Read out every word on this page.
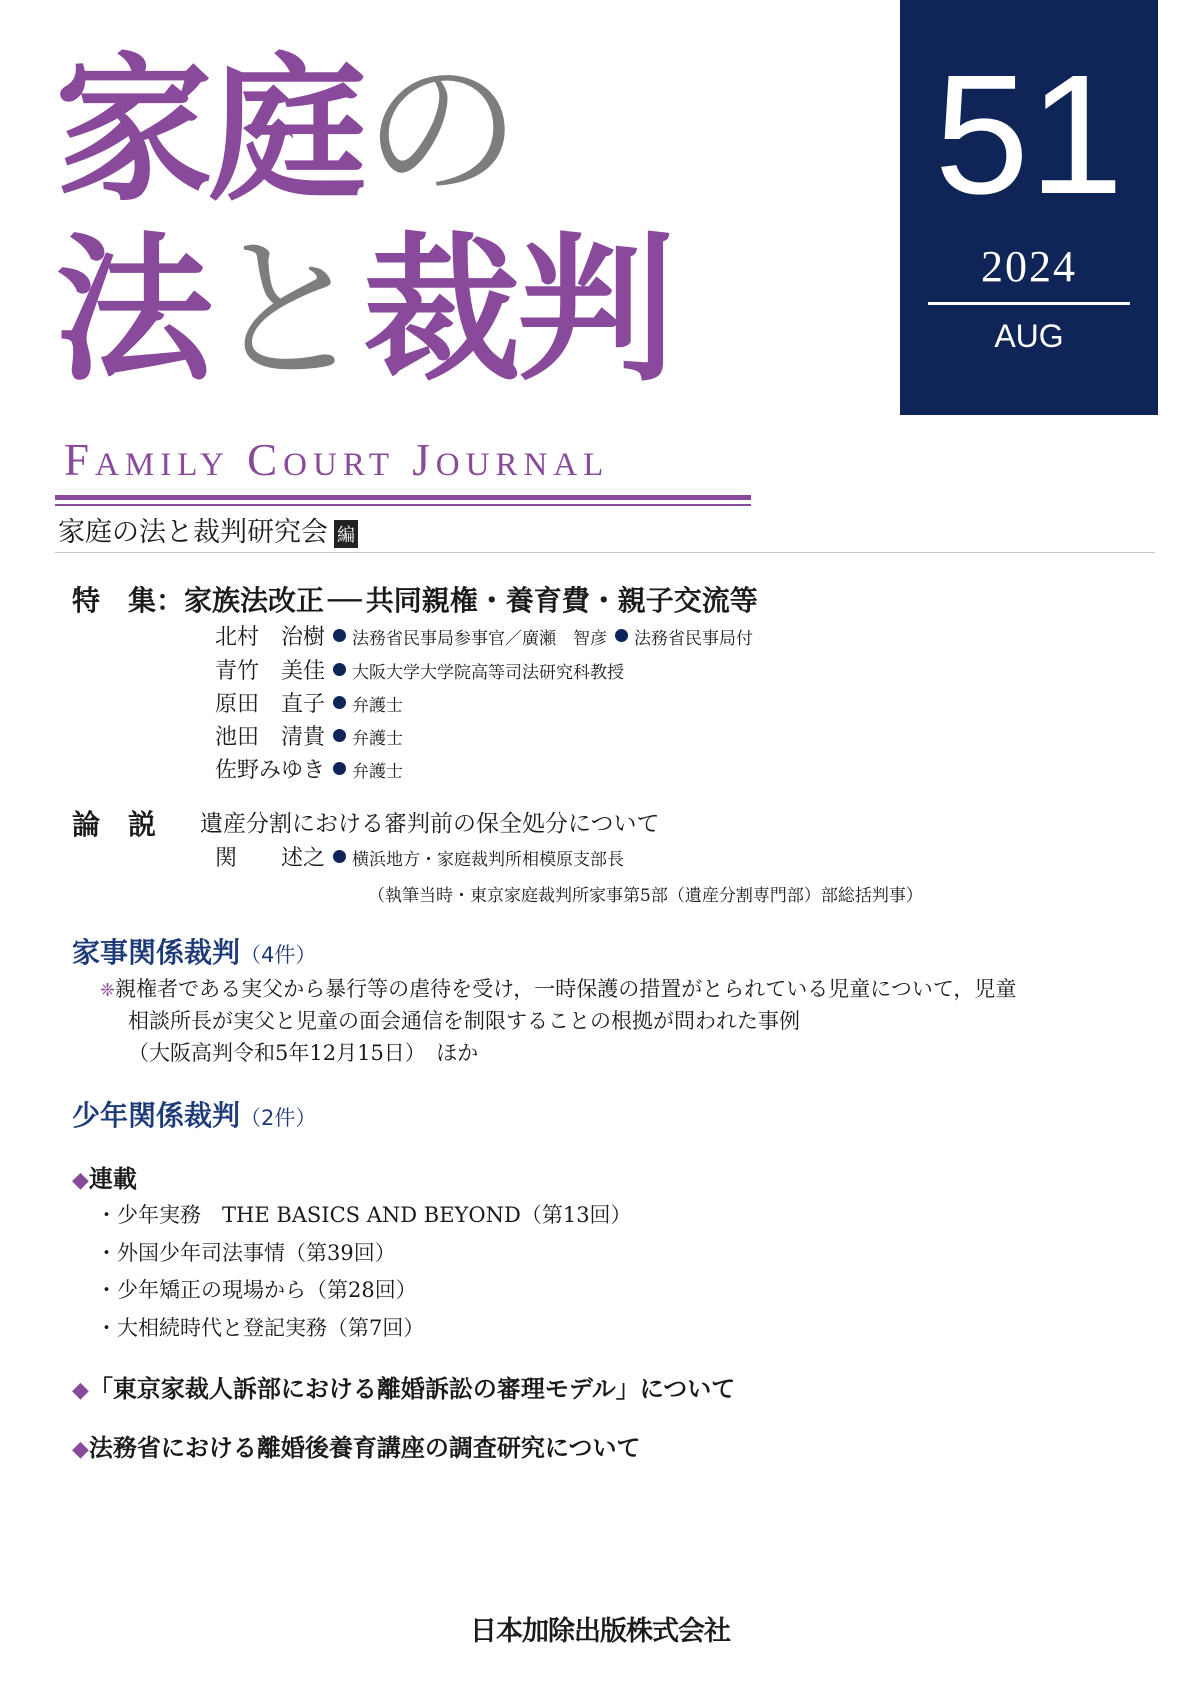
家庭の
法と裁判
FAMILY COURT JOURNAL
家庭の法と裁判研究会 編
51
2024
AUG
特　集：家族法改正 ── 共同親権・養育費・親子交流等
北村　治樹 法務省民事局参事官／廣瀬　智彦 法務省民事局付
青竹　美佳 大阪大学大学院高等司法研究科教授
原田　直子 弁護士
池田　清貴 弁護士
佐野みゆき 弁護士
論　説 遺産分割における審判前の保全処分について
関　　述之 横浜地方・家庭裁判所相模原支部長
（執筆当時・東京家庭裁判所家事第5部（遺産分割専門部）部総括判事）
家事関係裁判（4件）
❈親権者である実父から暴行等の虐待を受け，一時保護の措置がとられている児童について，児童
相談所長が実父と児童の面会通信を制限することの根拠が問われた事例
（大阪高判令和5年12月15日）　ほか
少年関係裁判（2件）
◆連載
・少年実務　THE BASICS AND BEYOND（第13回）
・外国少年司法事情（第39回）
・少年矯正の現場から（第28回）
・大相続時代と登記実務（第7回）
◆「東京家裁人訴部における離婚訴訟の審理モデル」について
◆法務省における離婚後養育講座の調査研究について
日本加除出版株式会社
